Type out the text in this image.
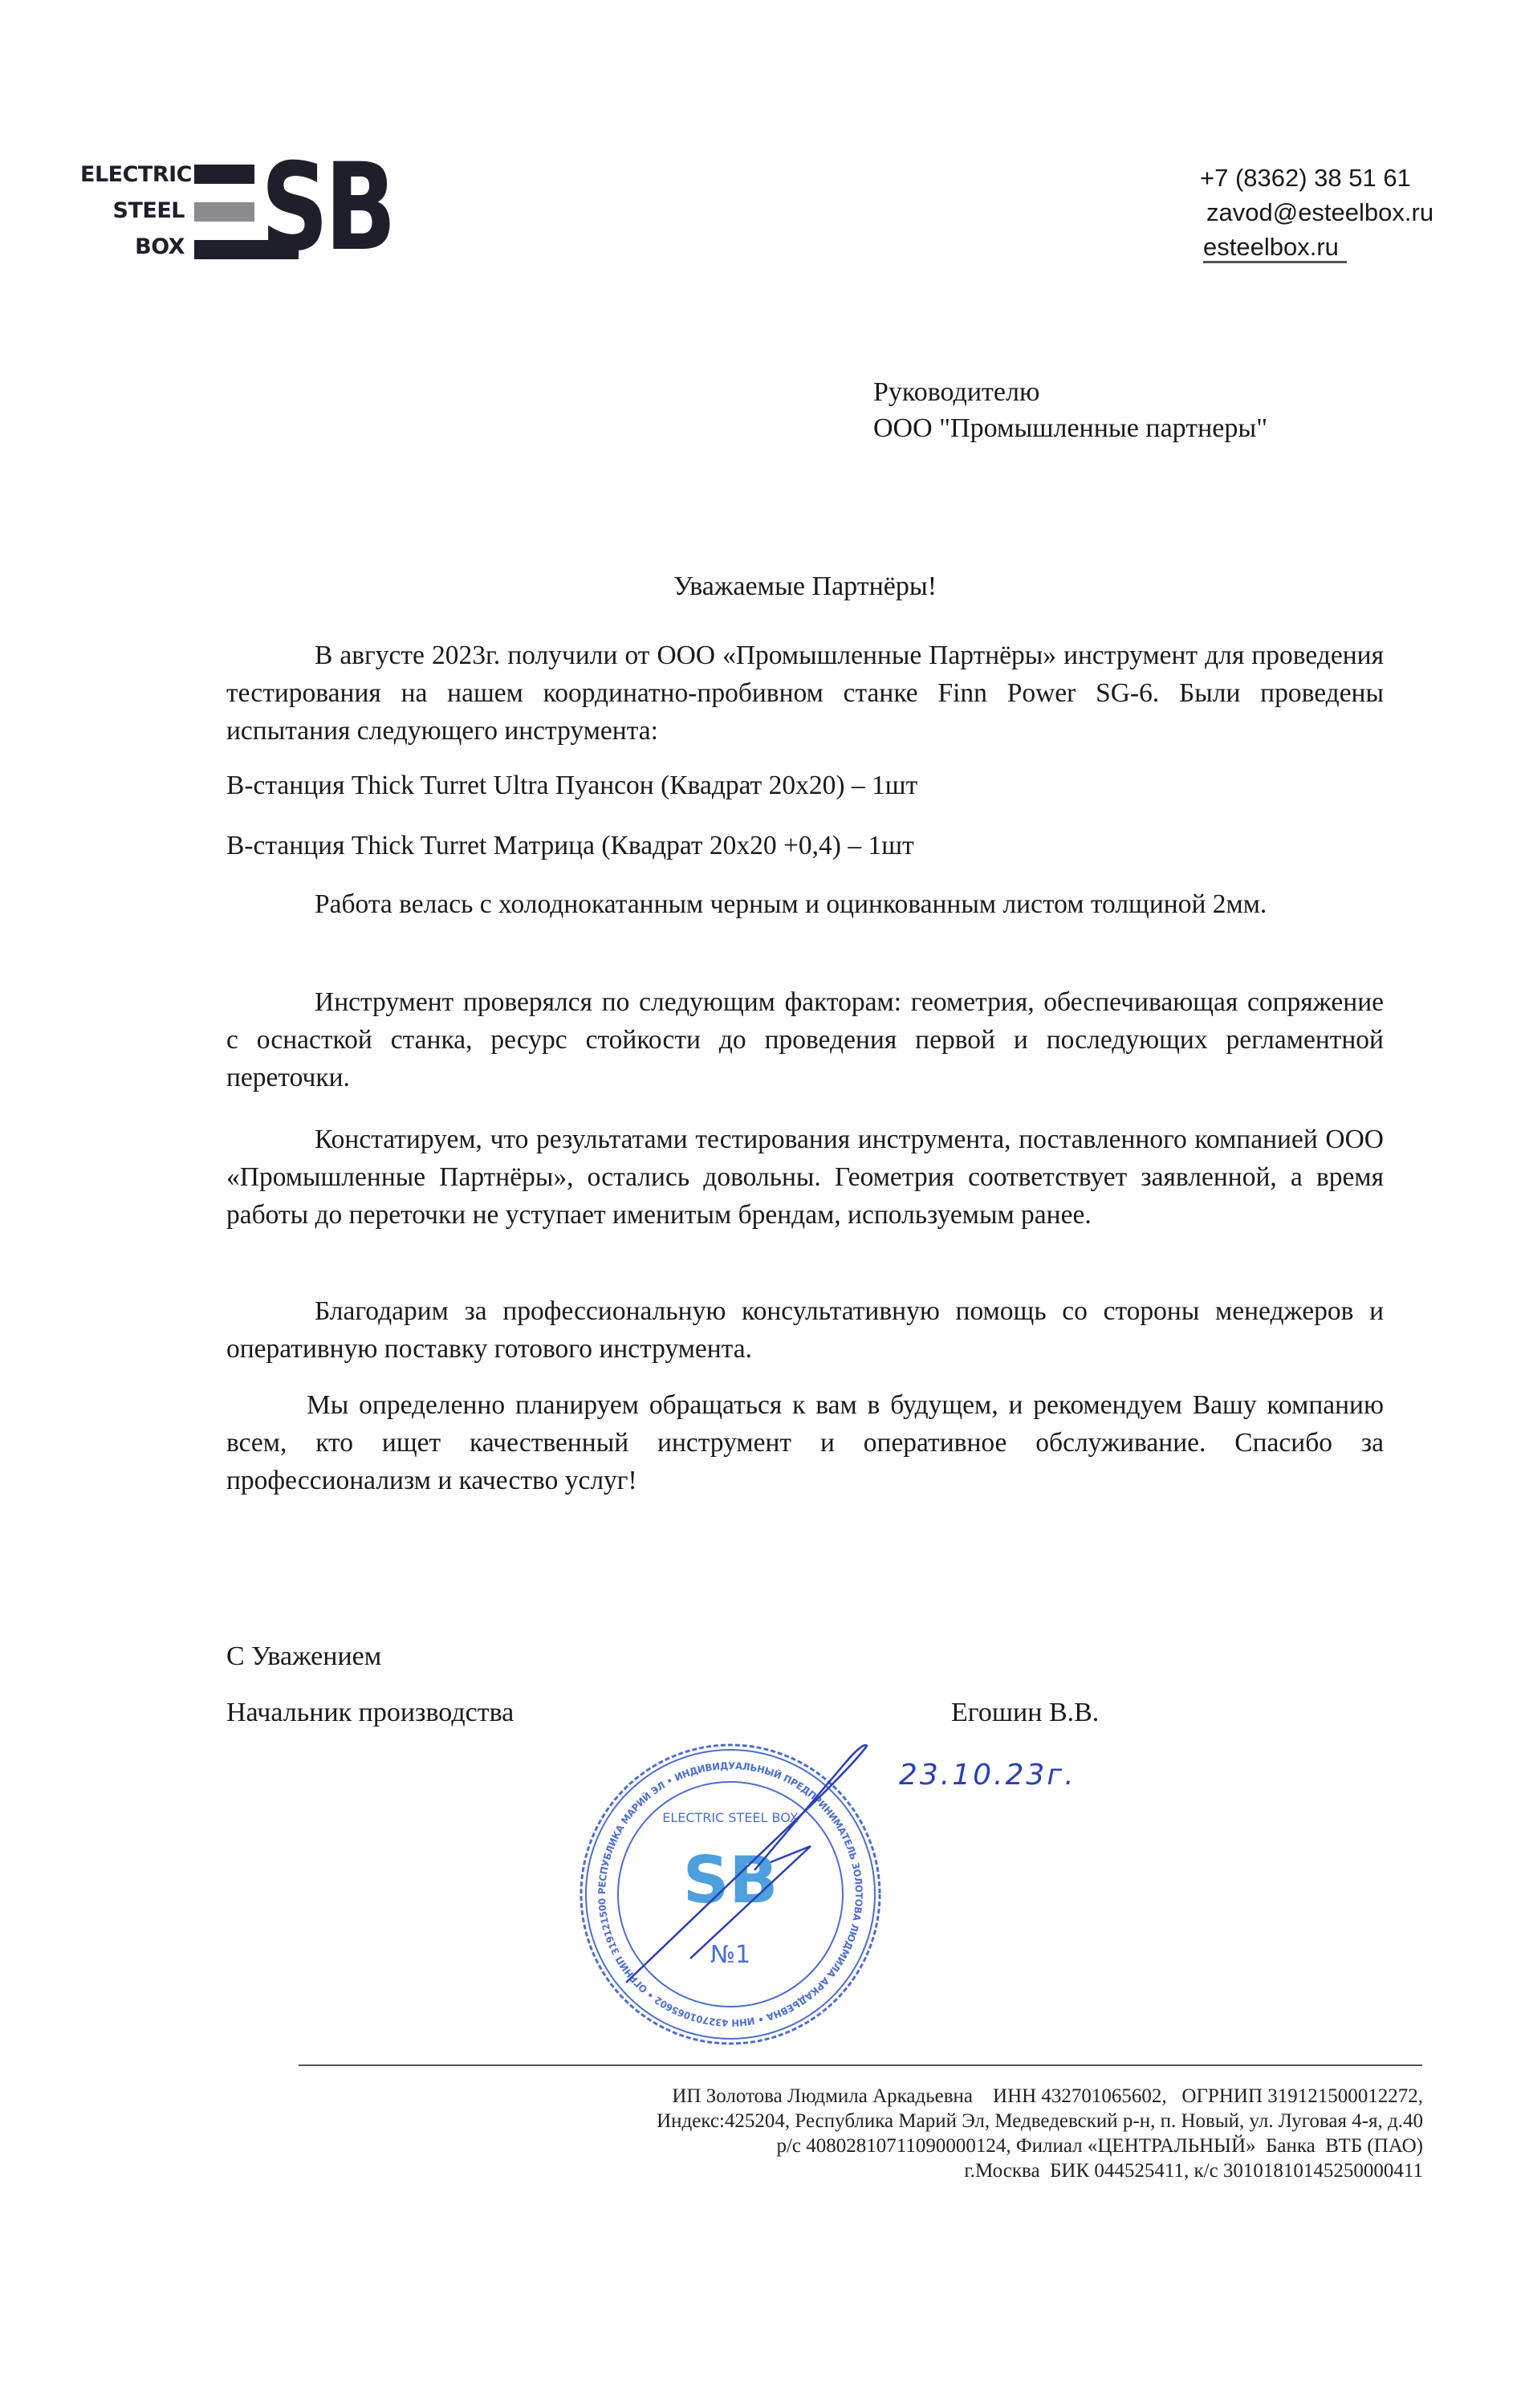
ELECTRIC
STEEL
BOX SB	+7 (8362) 38 51 61
zavod@esteelbox.ru
esteelbox.ru
Руководителю
ООО "Промышленные партнеры"
Уважаемые Партнёры!

В августе 2023г. получили от ООО «Промышленные Партнёры» инструмент для проведения тестирования на нашем координатно-пробивном станке Finn Power SG-6. Были проведены испытания следующего инструмента:

B-станция Thick Turret Ultra Пуансон (Квадрат 20x20) – 1шт

B-станция Thick Turret Матрица (Квадрат 20x20 +0,4) – 1шт

Работа велась с холоднокатанным черным и оцинкованным листом толщиной 2мм.

Инструмент проверялся по следующим факторам: геометрия, обеспечивающая сопряжение с оснасткой станка, ресурс стойкости до проведения первой и последующих регламентной переточки.

Констатируем, что результатами тестирования инструмента, поставленного компанией ООО «Промышленные Партнёры», остались довольны. Геометрия соответствует заявленной, а время работы до переточки не уступает именитым брендам, используемым ранее.

Благодарим за профессиональную консультативную помощь со стороны менеджеров и оперативную поставку готового инструмента.

Мы определенно планируем обращаться к вам в будущем, и рекомендуем Вашу компанию всем, кто ищет качественный инструмент и оперативное обслуживание. Спасибо за профессионализм и качество услуг!

С Уважением
Начальник производства	Егошин В.В.
РЕСПУБЛИКА МАРИЙ ЭЛ • ИНДИВИДУАЛЬНЫЙ ПРЕДПРИНИМАТЕЛЬ ЗОЛОТОВА ЛЮДМИЛА АРКАДЬЕВНА • ИНН 432701065602 • ОГРНИП 319121500
ELECTRIC STEEL BOX
SB
№1
23.10.23г.
ИП Золотова Людмила Аркадьевна    ИНН 432701065602,   ОГРНИП 319121500012272,
Индекс:425204, Республика Марий Эл, Медведевский р-н, п. Новый, ул. Луговая 4-я, д.40
р/с 40802810711090000124, Филиал «ЦЕНТРАЛЬНЫЙ»  Банка  ВТБ (ПАО)
г.Москва  БИК 044525411, к/с 30101810145250000411
